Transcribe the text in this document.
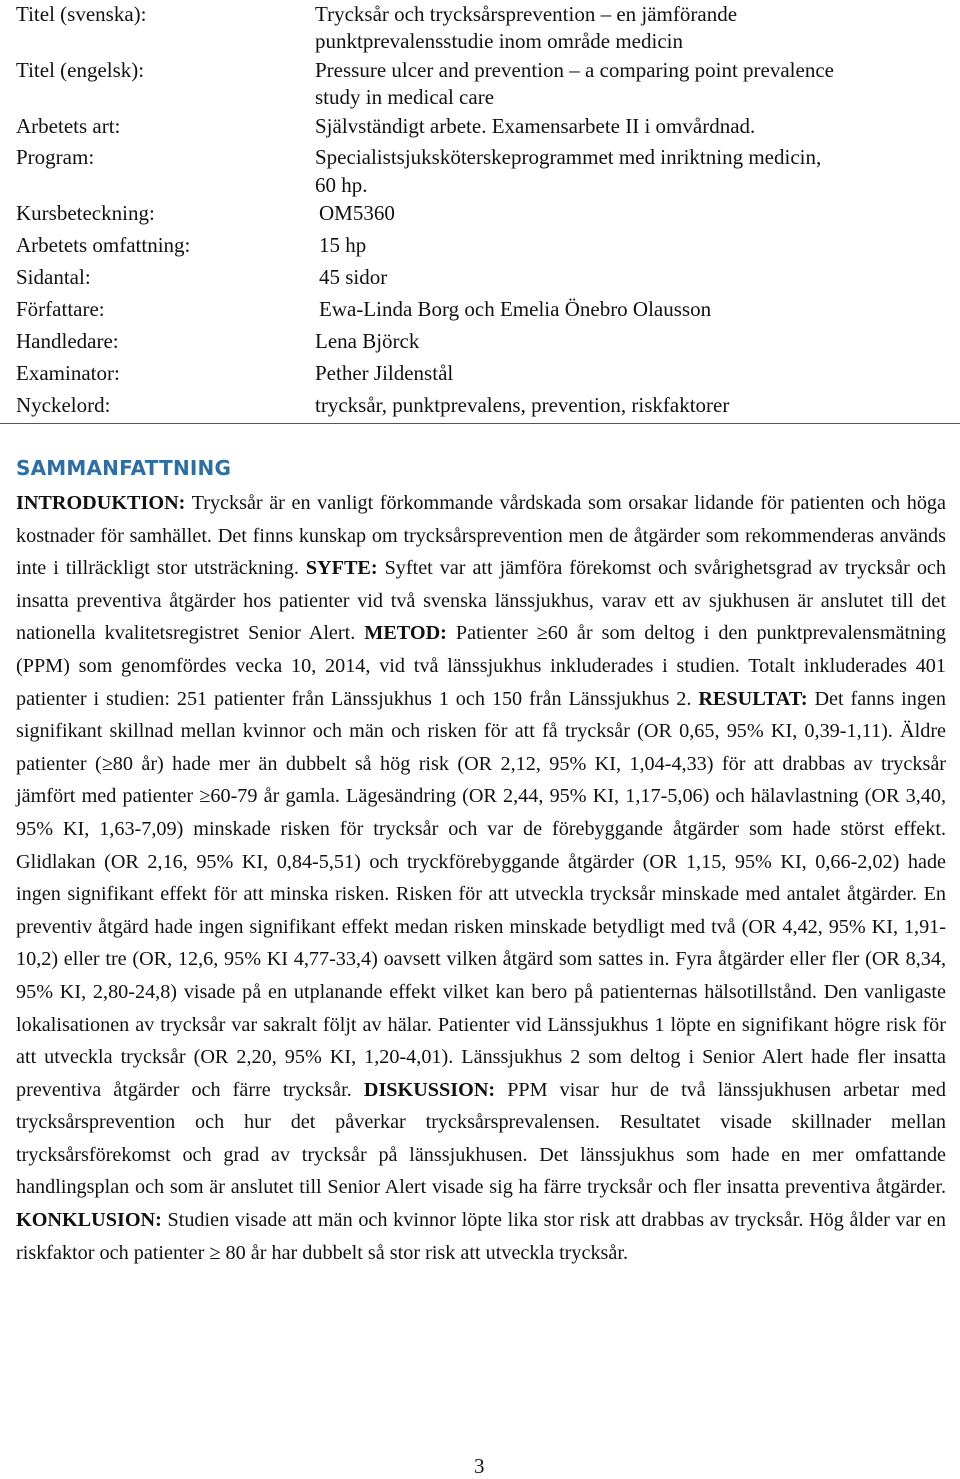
Titel (svenska):	Trycksår och trycksårsprevention – en jämförande
punktprevalensstudie inom område medicin
Titel (engelsk):	Pressure ulcer and prevention – a comparing point prevalence
study in medical care
Arbetets art:	Självständigt arbete. Examensarbete II i omvårdnad.
Program:	Specialistsjuksköterskeprogrammet med inriktning medicin,
60 hp.
Kursbeteckning:	OM5360
Arbetets omfattning:	15 hp
Sidantal:	45 sidor
Författare:	Ewa-Linda Borg och Emelia Önebro Olausson
Handledare:	Lena Björck
Examinator:	Pether Jildenstål
Nyckelord:	trycksår, punktprevalens, prevention, riskfaktorer
SAMMANFATTNING
INTRODUKTION: Trycksår är en vanligt förkommande vårdskada som orsakar lidande för patienten och höga kostnader för samhället. Det finns kunskap om trycksårsprevention men de åtgärder som rekommenderas används inte i tillräckligt stor utsträckning. SYFTE: Syftet var att jämföra förekomst och svårighetsgrad av trycksår och insatta preventiva åtgärder hos patienter vid två svenska länssjukhus, varav ett av sjukhusen är anslutet till det nationella kvalitetsregistret Senior Alert. METOD: Patienter ≥60 år som deltog i den punktprevalensmätning (PPM) som genomfördes vecka 10, 2014, vid två länssjukhus inkluderades i studien. Totalt inkluderades 401 patienter i studien: 251 patienter från Länssjukhus 1 och 150 från Länssjukhus 2. RESULTAT: Det fanns ingen signifikant skillnad mellan kvinnor och män och risken för att få trycksår (OR 0,65, 95% KI, 0,39-1,11). Äldre patienter (≥80 år) hade mer än dubbelt så hög risk (OR 2,12, 95% KI, 1,04-4,33) för att drabbas av trycksår jämfört med patienter ≥60-79 år gamla. Lägesändring (OR 2,44, 95% KI, 1,17-5,06) och hälavlastning (OR 3,40, 95% KI, 1,63-7,09) minskade risken för trycksår och var de förebyggande åtgärder som hade störst effekt. Glidlakan (OR 2,16, 95% KI, 0,84-5,51) och tryckförebyggande åtgärder (OR 1,15, 95% KI, 0,66-2,02) hade ingen signifikant effekt för att minska risken. Risken för att utveckla trycksår minskade med antalet åtgärder. En preventiv åtgärd hade ingen signifikant effekt medan risken minskade betydligt med två (OR 4,42, 95% KI, 1,91-10,2) eller tre (OR, 12,6, 95% KI 4,77-33,4) oavsett vilken åtgärd som sattes in. Fyra åtgärder eller fler (OR 8,34, 95% KI, 2,80-24,8) visade på en utplanande effekt vilket kan bero på patienternas hälsotillstånd. Den vanligaste lokalisationen av trycksår var sakralt följt av hälar. Patienter vid Länssjukhus 1 löpte en signifikant högre risk för att utveckla trycksår (OR 2,20, 95% KI, 1,20-4,01). Länssjukhus 2 som deltog i Senior Alert hade fler insatta preventiva åtgärder och färre trycksår. DISKUSSION: PPM visar hur de två länssjukhusen arbetar med trycksårsprevention och hur det påverkar trycksårsprevalensen. Resultatet visade skillnader mellan trycksårsförekomst och grad av trycksår på länssjukhusen. Det länssjukhus som hade en mer omfattande handlingsplan och som är anslutet till Senior Alert visade sig ha färre trycksår och fler insatta preventiva åtgärder. KONKLUSION: Studien visade att män och kvinnor löpte lika stor risk att drabbas av trycksår. Hög ålder var en riskfaktor och patienter ≥ 80 år har dubbelt så stor risk att utveckla trycksår.
3
